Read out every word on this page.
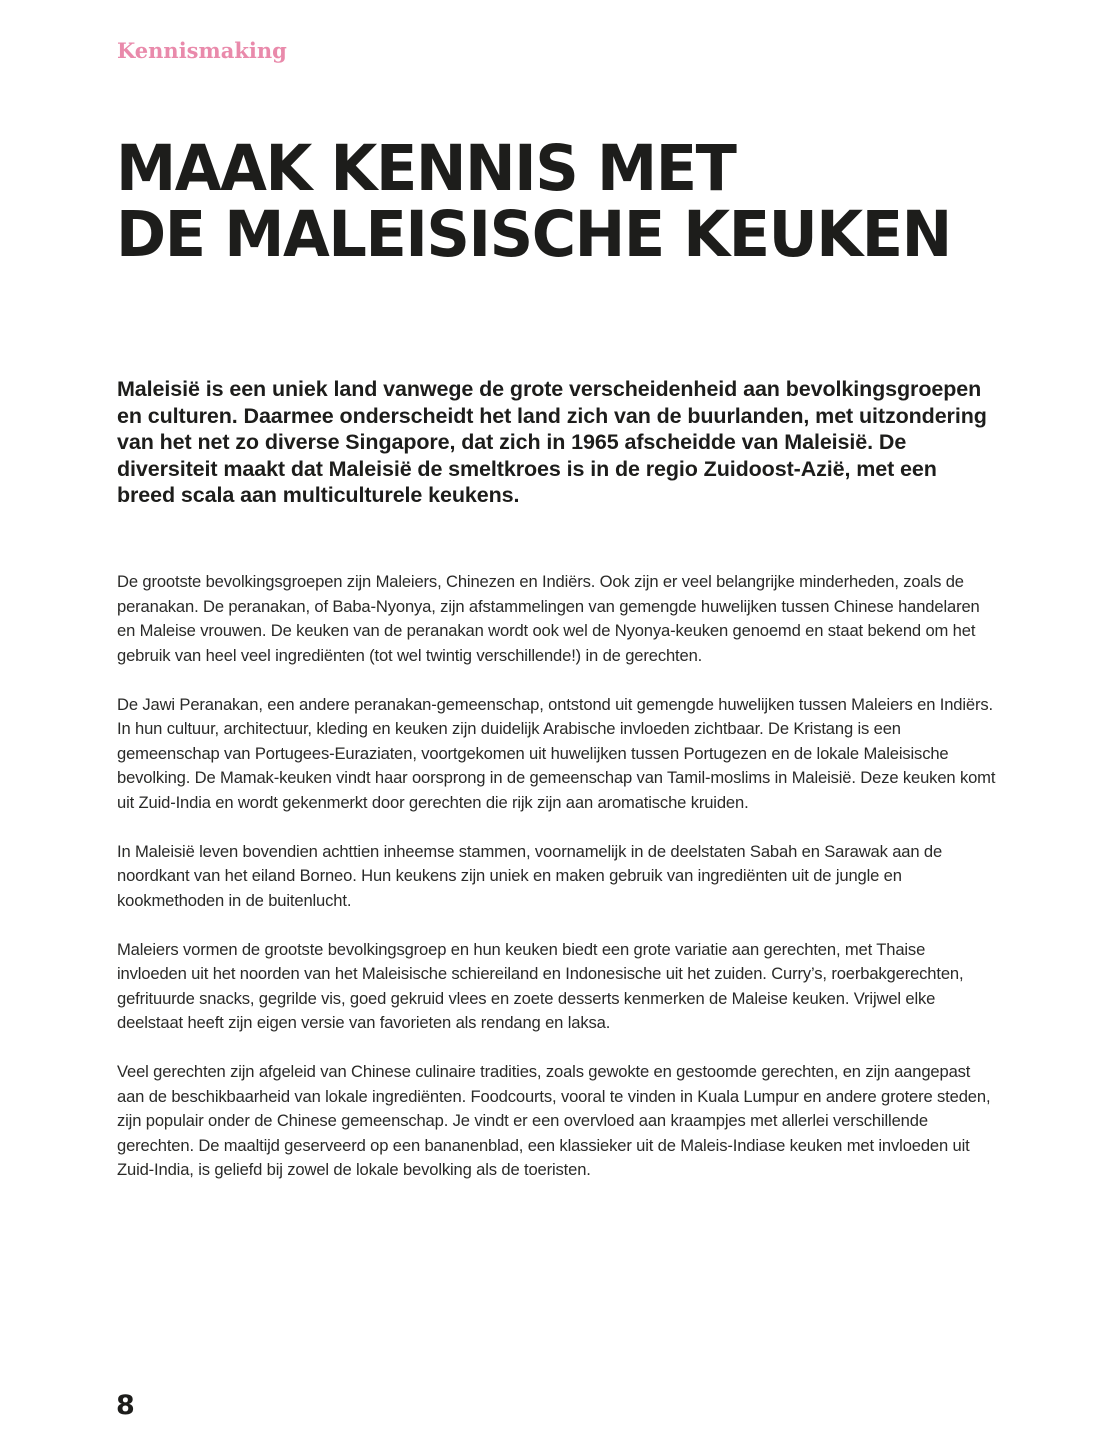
Kennismaking
MAAK KENNIS MET
DE MALEISISCHE KEUKEN

Maleisië is een uniek land vanwege de grote verscheidenheid aan bevolkingsgroepen en culturen. Daarmee onderscheidt het land zich van de buurlanden, met uitzondering van het net zo diverse Singapore, dat zich in 1965 afscheidde van Maleisië. De diversiteit maakt dat Maleisië de smeltkroes is in de regio Zuidoost-Azië, met een breed scala aan multiculturele keukens.

De grootste bevolkingsgroepen zijn Maleiers, Chinezen en Indiërs. Ook zijn er veel belangrijke minderheden, zoals de peranakan. De peranakan, of Baba-Nyonya, zijn afstammelingen van gemengde huwelijken tussen Chinese handelaren en Maleise vrouwen. De keuken van de peranakan wordt ook wel de Nyonya-keuken genoemd en staat bekend om het gebruik van heel veel ingrediënten (tot wel twintig verschillende!) in de gerechten.

De Jawi Peranakan, een andere peranakan-gemeenschap, ontstond uit gemengde huwelijken tussen Maleiers en Indiërs. In hun cultuur, architectuur, kleding en keuken zijn duidelijk Arabische invloeden zichtbaar. De Kristang is een gemeenschap van Portugees-Euraziaten, voortgekomen uit huwelijken tussen Portugezen en de lokale Maleisische bevolking. De Mamak-keuken vindt haar oorsprong in de gemeenschap van Tamil-moslims in Maleisië. Deze keuken komt uit Zuid-India en wordt gekenmerkt door gerechten die rijk zijn aan aromatische kruiden.

In Maleisië leven bovendien achttien inheemse stammen, voornamelijk in de deelstaten Sabah en Sarawak aan de noordkant van het eiland Borneo. Hun keukens zijn uniek en maken gebruik van ingrediënten uit de jungle en kookmethoden in de buitenlucht.

Maleiers vormen de grootste bevolkingsgroep en hun keuken biedt een grote variatie aan gerechten, met Thaise invloeden uit het noorden van het Maleisische schiereiland en Indonesische uit het zuiden. Curry’s, roerbakgerechten, gefrituurde snacks, gegrilde vis, goed gekruid vlees en zoete desserts kenmerken de Maleise keuken. Vrijwel elke deelstaat heeft zijn eigen versie van favorieten als rendang en laksa.

Veel gerechten zijn afgeleid van Chinese culinaire tradities, zoals gewokte en gestoomde gerechten, en zijn aangepast aan de beschikbaarheid van lokale ingrediënten. Foodcourts, vooral te vinden in Kuala Lumpur en andere grotere steden, zijn populair onder de Chinese gemeenschap. Je vindt er een overvloed aan kraampjes met allerlei verschillende gerechten. De maaltijd geserveerd op een bananenblad, een klassieker uit de Maleis-Indiase keuken met invloeden uit Zuid-India, is geliefd bij zowel de lokale bevolking als de toeristen.

8
